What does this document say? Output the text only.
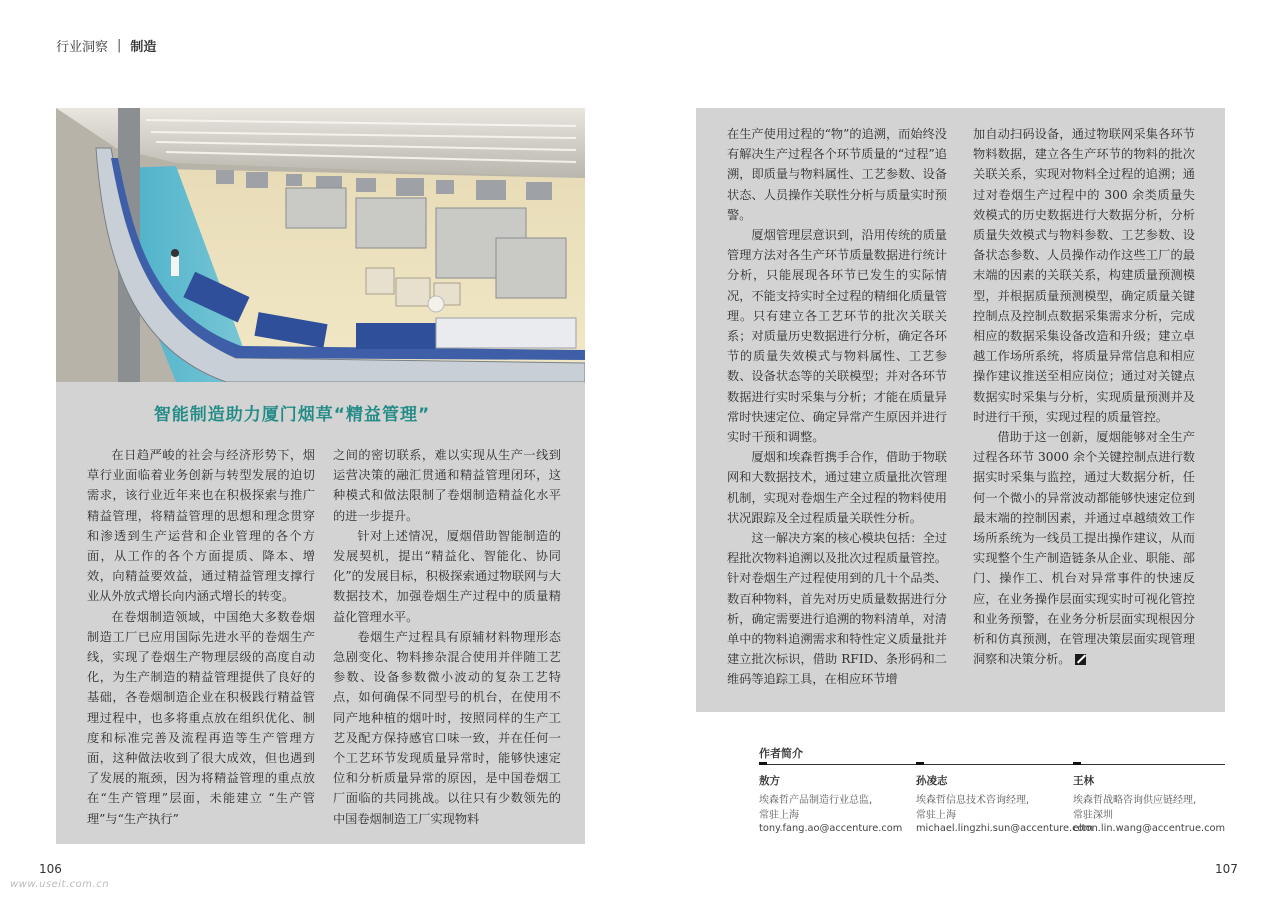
行业洞察 | 制造
智能制造助力厦门烟草“精益管理”

在日趋严峻的社会与经济形势下，烟草行业面临着业务创新与转型发展的迫切需求，该行业近年来也在积极探索与推广精益管理，将精益管理的思想和理念贯穿和渗透到生产运营和企业管理的各个方面，从工作的各个方面提质、降本、增效，向精益要效益，通过精益管理支撑行业从外放式增长向内涵式增长的转变。

在卷烟制造领域，中国绝大多数卷烟制造工厂已应用国际先进水平的卷烟生产线，实现了卷烟生产物理层级的高度自动化，为生产制造的精益管理提供了良好的基础，各卷烟制造企业在积极践行精益管理过程中，也多将重点放在组织优化、制度和标准完善及流程再造等生产管理方面，这种做法收到了很大成效，但也遇到了发展的瓶颈，因为将精益管理的重点放在“生产管理”层面，未能建立 “生产管理”与“生产执行”

之间的密切联系，难以实现从生产一线到运营决策的融汇贯通和精益管理闭环，这种模式和做法限制了卷烟制造精益化水平的进一步提升。

针对上述情况，厦烟借助智能制造的发展契机，提出“精益化、智能化、协同化”的发展目标，积极探索通过物联网与大数据技术，加强卷烟生产过程中的质量精益化管理水平。

卷烟生产过程具有原辅材料物理形态急剧变化、物料掺杂混合使用并伴随工艺参数、设备参数微小波动的复杂工艺特点，如何确保不同型号的机台，在使用不同产地种植的烟叶时，按照同样的生产工艺及配方保持感官口味一致，并在任何一个工艺环节发现质量异常时，能够快速定位和分析质量异常的原因，是中国卷烟工厂面临的共同挑战。以往只有少数领先的中国卷烟制造工厂实现物料

在生产使用过程的“物”的追溯，而始终没有解决生产过程各个环节质量的“过程”追溯，即质量与物料属性、工艺参数、设备状态、人员操作关联性分析与质量实时预警。

厦烟管理层意识到，沿用传统的质量管理方法对各生产环节质量数据进行统计分析，只能展现各环节已发生的实际情况，不能支持实时全过程的精细化质量管理。只有建立各工艺环节的批次关联关系；对质量历史数据进行分析，确定各环节的质量失效模式与物料属性、工艺参数、设备状态等的关联模型；并对各环节数据进行实时采集与分析；才能在质量异常时快速定位、确定异常产生原因并进行实时干预和调整。

厦烟和埃森哲携手合作，借助于物联网和大数据技术，通过建立质量批次管理机制，实现对卷烟生产全过程的物料使用状况跟踪及全过程质量关联性分析。

这一解决方案的核心模块包括：全过程批次物料追溯以及批次过程质量管控。针对卷烟生产过程使用到的几十个品类、数百种物料，首先对历史质量数据进行分析，确定需要进行追溯的物料清单，对清单中的物料追溯需求和特性定义质量批并建立批次标识，借助 RFID、条形码和二维码等追踪工具，在相应环节增

加自动扫码设备，通过物联网采集各环节物料数据，建立各生产环节的物料的批次关联关系，实现对物料全过程的追溯；通过对卷烟生产过程中的 300 余类质量失效模式的历史数据进行大数据分析，分析质量失效模式与物料参数、工艺参数、设备状态参数、人员操作动作这些工厂的最末端的因素的关联关系，构建质量预测模型，并根据质量预测模型，确定质量关键控制点及控制点数据采集需求分析，完成相应的数据采集设备改造和升级；建立卓越工作场所系统，将质量异常信息和相应操作建议推送至相应岗位；通过对关键点数据实时采集与分析，实现质量预测并及时进行干预，实现过程的质量管控。

借助于这一创新，厦烟能够对全生产过程各环节 3000 余个关键控制点进行数据实时采集与监控，通过大数据分析，任何一个微小的异常波动都能够快速定位到最末端的控制因素，并通过卓越绩效工作场所系统为一线员工提出操作建议，从而实现整个生产制造链条从企业、职能、部门、操作工、机台对异常事件的快速反应，在业务操作层面实现实时可视化管控和业务预警，在业务分析层面实现根因分析和仿真预测，在管理决策层面实现管理洞察和决策分析。

作者简介
敖方
埃森哲产品制造行业总监,
常驻上海
tony.fang.ao@accenture.com
孙凌志
埃森哲信息技术咨询经理,
常驻上海
michael.lingzhi.sun@accenture.com
王林
埃森哲战略咨询供应链经理,
常驻深圳
elton.lin.wang@accentrue.com
106	107
www.useit.com.cn
